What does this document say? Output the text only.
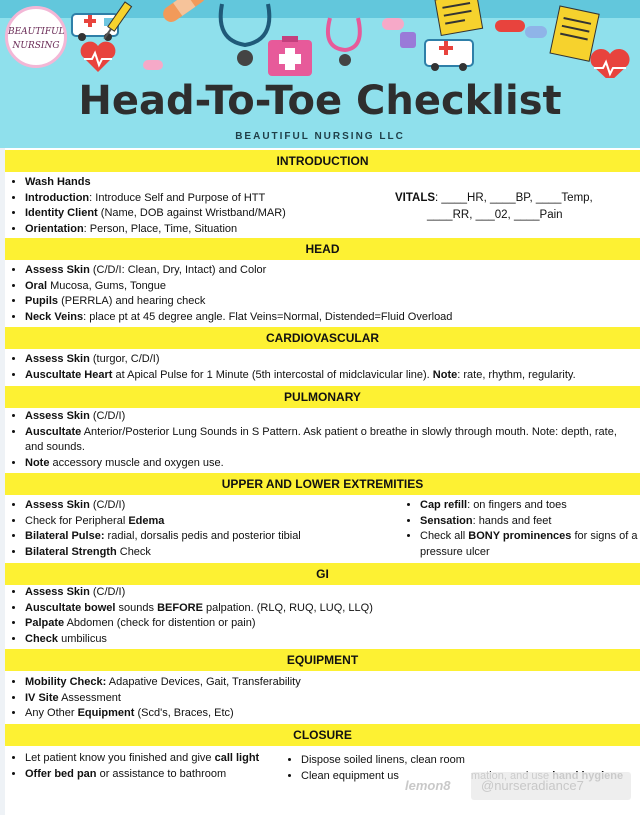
Head-To-Toe Checklist
BEAUTIFUL NURSING LLC
BEAUTIFUL
NURSING
INTRODUCTION
• Wash Hands
• Introduction: Introduce Self and Purpose of HTT
• Identity Client (Name, DOB against Wristband/MAR)
• Orientation: Person, Place, Time, Situation
VITALS: ____HR, ____BP, ____Temp,
____RR, ___02, ____Pain
HEAD
• Assess Skin (C/D/I: Clean, Dry, Intact) and Color
• Oral Mucosa, Gums, Tongue
• Pupils (PERRLA) and hearing check
• Neck Veins: place pt at 45 degree angle. Flat Veins=Normal, Distended=Fluid Overload
CARDIOVASCULAR
• Assess Skin (turgor, C/D/I)
• Auscultate Heart at Apical Pulse for 1 Minute (5th intercostal of midclavicular line). Note: rate, rhythm, regularity.
PULMONARY
• Assess Skin (C/D/I)
• Auscultate Anterior/Posterior Lung Sounds in S Pattern. Ask patient o breathe in slowly through mouth. Note: depth, rate, and sounds.
• Note accessory muscle and oxygen use.
UPPER AND LOWER EXTREMITIES
• Assess Skin (C/D/I)
• Check for Peripheral Edema
• Bilateral Pulse: radial, dorsalis pedis and posterior tibial
• Bilateral Strength Check
• Cap refill: on fingers and toes
• Sensation: hands and feet
• Check all BONY prominences for signs of a pressure ulcer
GI
• Assess Skin (C/D/I)
• Auscultate bowel sounds BEFORE palpation. (RLQ, RUQ, LUQ, LLQ)
• Palpate Abdomen (check for distention or pain)
• Check umbilicus
EQUIPMENT
• Mobility Check: Adapative Devices, Gait, Transferability
• IV Site Assessment
• Any Other Equipment (Scd's, Braces, Etc)
CLOSURE
• Let patient know you finished and give call light
• Offer bed pan or assistance to bathroom
• Dispose soiled linens, clean room
• Clean equipment us
lemon8	@nurseradiance7
